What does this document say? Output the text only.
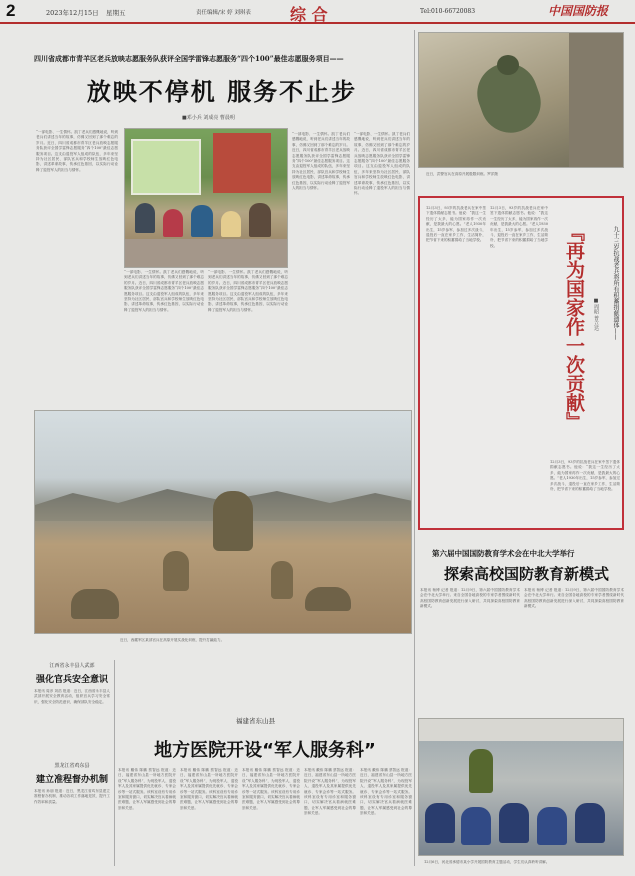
2	2023年12月15日 星期五	责任编辑/宋 婷 刘琪表 综 合	Tel:010-66720083	中国国防报
四川省成都市青羊区老兵放映志愿服务队获评全国学雷锋志愿服务“四个100”最佳志愿服务项目——
放映不停机 服务不止步
■邓小兵 刘成亮 曹晨明
“一部电影、一生情怀。凯丁老兵们感慨地说，听到老兵们讲述当年的故事，仿佛又回到了那个难忘的岁月。近日，四川省成都市青羊区老兵放映志愿服务队获评全国学雷锋志愿服务“四个100”最佳志愿服务项目。这支由退役军人组成的队伍，多年来坚持为社区居民、部队官兵和学校师生放映红色电影，讲述革命故事，传承红色基因，以实际行动诠释了退役军人的担当与情怀。
“一部电影、一生情怀。凯丁老兵们感慨地说，听到老兵们讲述当年的故事，仿佛又回到了那个难忘的岁月。近日，四川省成都市青羊区老兵放映志愿服务队获评全国学雷锋志愿服务“四个100”最佳志愿服务项目。这支由退役军人组成的队伍，多年来坚持为社区居民、部队官兵和学校师生放映红色电影，讲述革命故事，传承红色基因，以实际行动诠释了退役军人的担当与情怀。
“一部电影、一生情怀。凯丁老兵们感慨地说，听到老兵们讲述当年的故事，仿佛又回到了那个难忘的岁月。近日，四川省成都市青羊区老兵放映志愿服务队获评全国学雷锋志愿服务“四个100”最佳志愿服务项目。这支由退役军人组成的队伍，多年来坚持为社区居民、部队官兵和学校师生放映红色电影，讲述革命故事，传承红色基因，以实际行动诠释了退役军人的担当与情怀。
“一部电影、一生情怀。凯丁老兵们感慨地说，听到老兵们讲述当年的故事，仿佛又回到了那个难忘的岁月。近日，四川省成都市青羊区老兵放映志愿服务队获评全国学雷锋志愿服务“四个100”最佳志愿服务项目。这支由退役军人组成的队伍，多年来坚持为社区居民、部队官兵和学校师生放映红色电影，讲述革命故事，传承红色基因，以实际行动诠释了退役军人的担当与情怀。
“一部电影、一生情怀。凯丁老兵们感慨地说，听到老兵们讲述当年的故事，仿佛又回到了那个难忘的岁月。近日，四川省成都市青羊区老兵放映志愿服务队获评全国学雷锋志愿服务“四个100”最佳志愿服务项目。这支由退役军人组成的队伍，多年来坚持为社区居民、部队官兵和学校师生放映红色电影，讲述革命故事，传承红色基因，以实际行动诠释了退役军人的担当与情怀。
近日，武警官兵在高原开展极限训练。罗洋摄
12月3日，93岁的抗战老兵在家中签下遗体捐献志愿书。他说：“我这一生经历了太多，能为国家再作一次贡献，是我最大的心愿。”老人1930年出生，15岁参军，参加过多次战斗，退役后一直在家乡工作，生活简朴，把节省下来的积蓄捐给了当地学校。
12月3日，93岁的抗战老兵在家中签下遗体捐献志愿书。他说：“我这一生经历了太多，能为国家再作一次贡献，是我最大的心愿。”老人1930年出生，15岁参军，参加过多次战斗，退役后一直在家乡工作，生活简朴，把节省下来的积蓄捐给了当地学校。	『再为国家作一次贡献』	■周昭 普立达	九十三岁抗战老兵将所有积蓄捐献遗体——
12月3日，93岁的抗战老兵在家中签下遗体捐献志愿书。他说：“我这一生经历了太多，能为国家再作一次贡献，是我最大的心愿。”老人1930年出生，15岁参军，参加过多次战斗，退役后一直在家乡工作，生活简朴，把节省下来的积蓄捐给了当地学校。
近日，西藏军区某部官兵在高原开展实战化训练，提升打赢能力。
第六届中国国防教育学术会在中北大学举行
探索高校国防教育新模式
本报讯 杨博 记者 报道：12月9日，第六届中国国防教育学术会在中北大学举行。来自全国各地高校的专家学者围绕新时代高校国防教育创新发展进行深入研讨，共同探索高校国防教育新模式。
本报讯 杨博 记者 报道：12月9日，第六届中国国防教育学术会在中北大学举行。来自全国各地高校的专家学者围绕新时代高校国防教育创新发展进行深入研讨，共同探索高校国防教育新模式。
12月6日，河北省承德市某小学开展国防教育主题活动，学生们认真聆听讲解。
江西省永丰县人武部
强化官兵安全意识
本报讯 周彦 刘浩 报道：近日，江西省永丰县人武部开展安全教育活动，组织官兵学习安全常识，强化安全防范意识，确保部队安全稳定。
黑龙江省鸡东县
建立准程督办机制
本报讯 孙朋 报道：近日，黑龙江省鸡东县建立准程督办机制，推动各项工作落地见效，提升工作效率和质量。
福建省东山县
地方医院开设“军人服务科”
本报讯 戴伟 陈鹏 蔡智远 报道：近日，福建省东山县一所地方医院开设“军人服务科”，为现役军人、退役军人及其家属提供优先就诊、专家会诊等一站式服务。该科室设有专用诊室和服务窗口，切实解决官兵看病就医难题，让军人军属感受到社会的尊崇和关爱。
本报讯 戴伟 陈鹏 蔡智远 报道：近日，福建省东山县一所地方医院开设“军人服务科”，为现役军人、退役军人及其家属提供优先就诊、专家会诊等一站式服务。该科室设有专用诊室和服务窗口，切实解决官兵看病就医难题，让军人军属感受到社会的尊崇和关爱。
本报讯 戴伟 陈鹏 蔡智远 报道：近日，福建省东山县一所地方医院开设“军人服务科”，为现役军人、退役军人及其家属提供优先就诊、专家会诊等一站式服务。该科室设有专用诊室和服务窗口，切实解决官兵看病就医难题，让军人军属感受到社会的尊崇和关爱。
本报讯 戴伟 陈鹏 蔡智远 报道：近日，福建省东山县一所地方医院开设“军人服务科”，为现役军人、退役军人及其家属提供优先就诊、专家会诊等一站式服务。该科室设有专用诊室和服务窗口，切实解决官兵看病就医难题，让军人军属感受到社会的尊崇和关爱。
本报讯 戴伟 陈鹏 蔡智远 报道：近日，福建省东山县一所地方医院开设“军人服务科”，为现役军人、退役军人及其家属提供优先就诊、专家会诊等一站式服务。该科室设有专用诊室和服务窗口，切实解决官兵看病就医难题，让军人军属感受到社会的尊崇和关爱。
